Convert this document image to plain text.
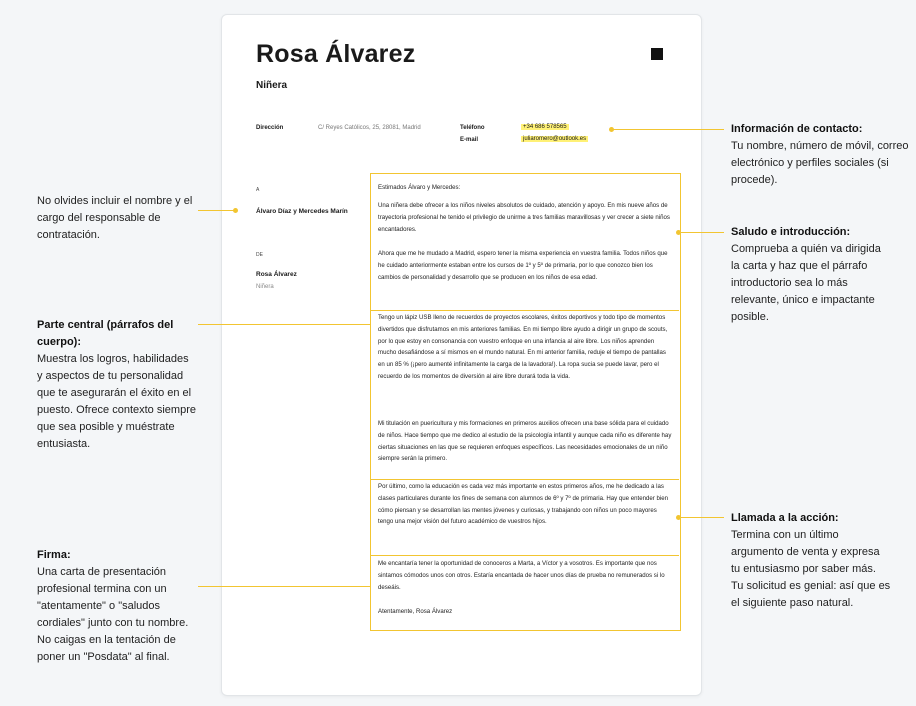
Rosa Álvarez
Niñera
Dirección	C/ Reyes Católicos, 25, 28081, Madrid	Teléfono	+34 686 578565
E-mail	juliaromero@outlook.es
A
Álvaro Díaz y Mercedes Marín
DE
Rosa Álvarez
Niñera
Estimados Álvaro y Mercedes:
Una niñera debe ofrecer a los niños niveles absolutos de cuidado, atención y apoyo. En mis nueve años de trayectoria profesional he tenido el privilegio de unirme a tres familias maravillosas y ver crecer a siete niños encantadores.
Ahora que me he mudado a Madrid, espero tener la misma experiencia en vuestra familia. Todos niños que he cuidado anteriormente estaban entre los cursos de 1º y 5º de primaria, por lo que conozco bien los cambios de personalidad y desarrollo que se producen en los niños de esa edad.
Tengo un lápiz USB lleno de recuerdos de proyectos escolares, éxitos deportivos y todo tipo de momentos divertidos que disfrutamos en mis anteriores familias. En mi tiempo libre ayudo a dirigir un grupo de scouts, por lo que estoy en consonancia con vuestro enfoque en una infancia al aire libre. Los niños aprenden mucho desafiándose a sí mismos en el mundo natural. En mi anterior familia, reduje el tiempo de pantallas en un 85 % (¡pero aumenté infinitamente la carga de la lavadora!). La ropa sucia se puede lavar, pero el recuerdo de los momentos de diversión al aire libre durará toda la vida.
Mi titulación en puericultura y mis formaciones en primeros auxilios ofrecen una base sólida para el cuidado de niños. Hace tiempo que me dedico al estudio de la psicología infantil y aunque cada niño es diferente hay ciertas situaciones en las que se requieren enfoques específicos. Las necesidades emocionales de un niño siempre serán la primero.
Por último, como la educación es cada vez más importante en estos primeros años, me he dedicado a las clases particulares durante los fines de semana con alumnos de 6º y 7º de primaria. Hay que entender bien cómo piensan y se desarrollan las mentes jóvenes y curiosas, y trabajando con niños un poco mayores tengo una mejor visión del futuro académico de vuestros hijos.
Me encantaría tener la oportunidad de conoceros a Marta, a Víctor y a vosotros. Es importante que nos sintamos cómodos unos con otros. Estaría encantada de hacer unos días de prueba no remunerados si lo deseáis.
Atentamente, Rosa Álvarez
No olvides incluir el nombre y el cargo del responsable de contratación.
Parte central (párrafos del cuerpo):
Muestra los logros, habilidades y aspectos de tu personalidad que te asegurarán el éxito en el puesto. Ofrece contexto siempre que sea posible y muéstrate entusiasta.
Firma:
Una carta de presentación profesional termina con un "atentamente" o "saludos cordiales" junto con tu nombre. No caigas en la tentación de poner un "Posdata" al final.
Información de contacto:
Tu nombre, número de móvil, correo electrónico y perfiles sociales (si procede).
Saludo e introducción:
Comprueba a quién va dirigida la carta y haz que el párrafo introductorio sea lo más relevante, único e impactante posible.
Llamada a la acción:
Termina con un último argumento de venta y expresa tu entusiasmo por saber más. Tu solicitud es genial: así que es el siguiente paso natural.
